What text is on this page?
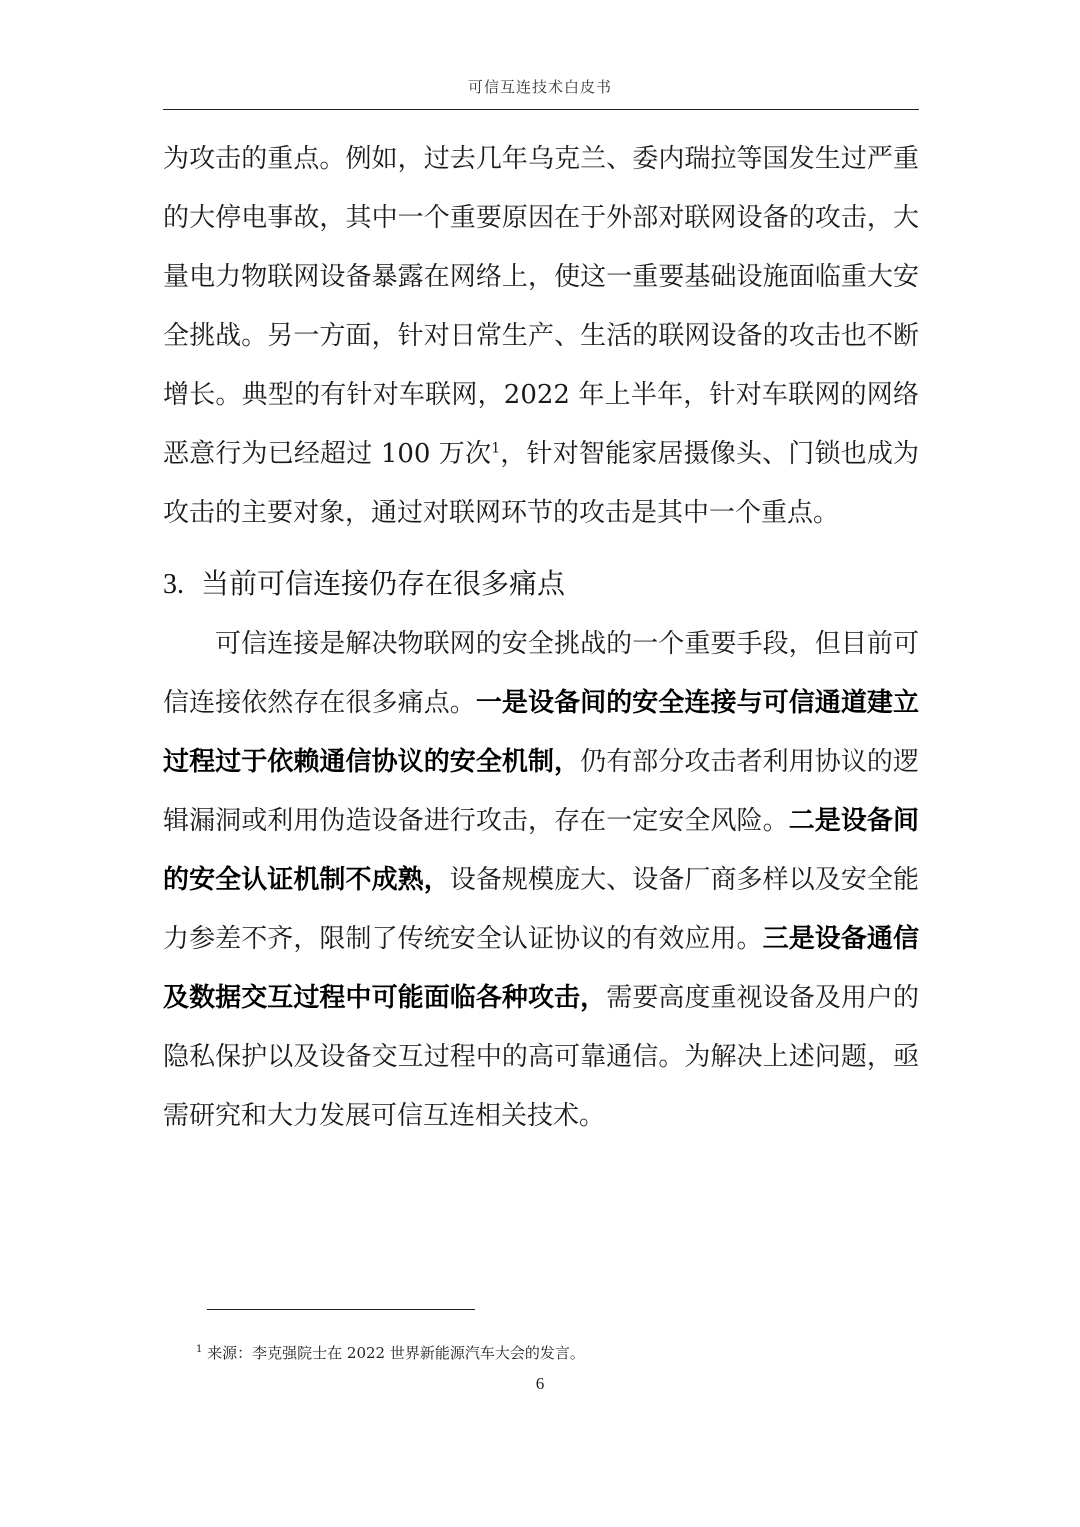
可信互连技术白皮书
为攻击的重点。例如，过去几年乌克兰、委内瑞拉等国发生过严重的大停电事故，其中一个重要原因在于外部对联网设备的攻击，大量电力物联网设备暴露在网络上，使这一重要基础设施面临重大安全挑战。另一方面，针对日常生产、生活的联网设备的攻击也不断增长。典型的有针对车联网，2022 年上半年，针对车联网的网络恶意行为已经超过 100 万次$^1$，针对智能家居摄像头、门锁也成为攻击的主要对象，通过对联网环节的攻击是其中一个重点。
3. 当前可信连接仍存在很多痛点
可信连接是解决物联网的安全挑战的一个重要手段，但目前可信连接依然存在很多痛点。一是设备间的安全连接与可信通道建立过程过于依赖通信协议的安全机制，仍有部分攻击者利用协议的逻辑漏洞或利用伪造设备进行攻击，存在一定安全风险。二是设备间的安全认证机制不成熟，设备规模庞大、设备厂商多样以及安全能力参差不齐，限制了传统安全认证协议的有效应用。三是设备通信及数据交互过程中可能面临各种攻击，需要高度重视设备及用户的隐私保护以及设备交互过程中的高可靠通信。为解决上述问题，亟需研究和大力发展可信互连相关技术。
$^1$ 来源：李克强院士在 2022 世界新能源汽车大会的发言。
6
